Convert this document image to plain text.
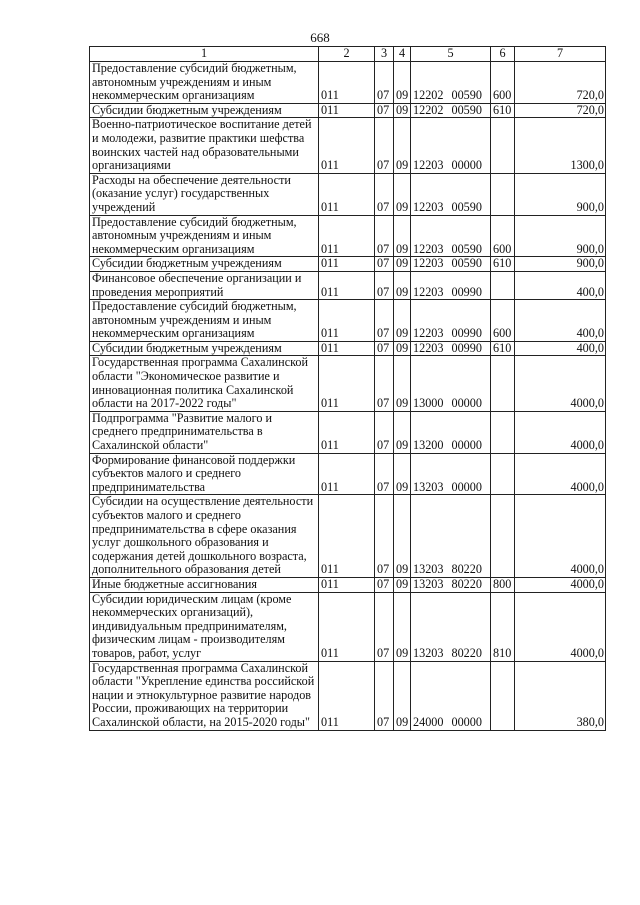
668
1	2	3	4	5	6	7
Предоставление субсидий бюджетным, автономным учреждениям и иным некоммерческим организациям	011	07	09	12202 00590	600	720,0
Субсидии бюджетным учреждениям	011	07	09	12202 00590	610	720,0
Военно-патриотическое воспитание детей и молодежи, развитие практики шефства воинских частей над образовательными организациями	011	07	09	12203 00000		1300,0
Расходы на обеспечение деятельности (оказание услуг) государственных учреждений	011	07	09	12203 00590		900,0
Предоставление субсидий бюджетным, автономным учреждениям и иным некоммерческим организациям	011	07	09	12203 00590	600	900,0
Субсидии бюджетным учреждениям	011	07	09	12203 00590	610	900,0
Финансовое обеспечение организации и проведения мероприятий	011	07	09	12203 00990		400,0
Предоставление субсидий бюджетным, автономным учреждениям и иным некоммерческим организациям	011	07	09	12203 00990	600	400,0
Субсидии бюджетным учреждениям	011	07	09	12203 00990	610	400,0
Государственная программа Сахалинской области "Экономическое развитие и инновационная политика Сахалинской области на 2017-2022 годы"	011	07	09	13000 00000		4000,0
Подпрограмма "Развитие малого и среднего предпринимательства в Сахалинской области"	011	07	09	13200 00000		4000,0
Формирование финансовой поддержки субъектов малого и среднего предпринимательства	011	07	09	13203 00000		4000,0
Субсидии на осуществление деятельности субъектов малого и среднего предпринимательства в сфере оказания услуг дошкольного образования и содержания детей дошкольного возраста, дополнительного образования детей	011	07	09	13203 80220		4000,0
Иные бюджетные ассигнования	011	07	09	13203 80220	800	4000,0
Субсидии юридическим лицам (кроме некоммерческих организаций), индивидуальным предпринимателям, физическим лицам - производителям товаров, работ, услуг	011	07	09	13203 80220	810	4000,0
Государственная программа Сахалинской области "Укрепление единства российской нации и этнокультурное развитие народов России, проживающих на территории Сахалинской области, на 2015-2020 годы"	011	07	09	24000 00000		380,0
